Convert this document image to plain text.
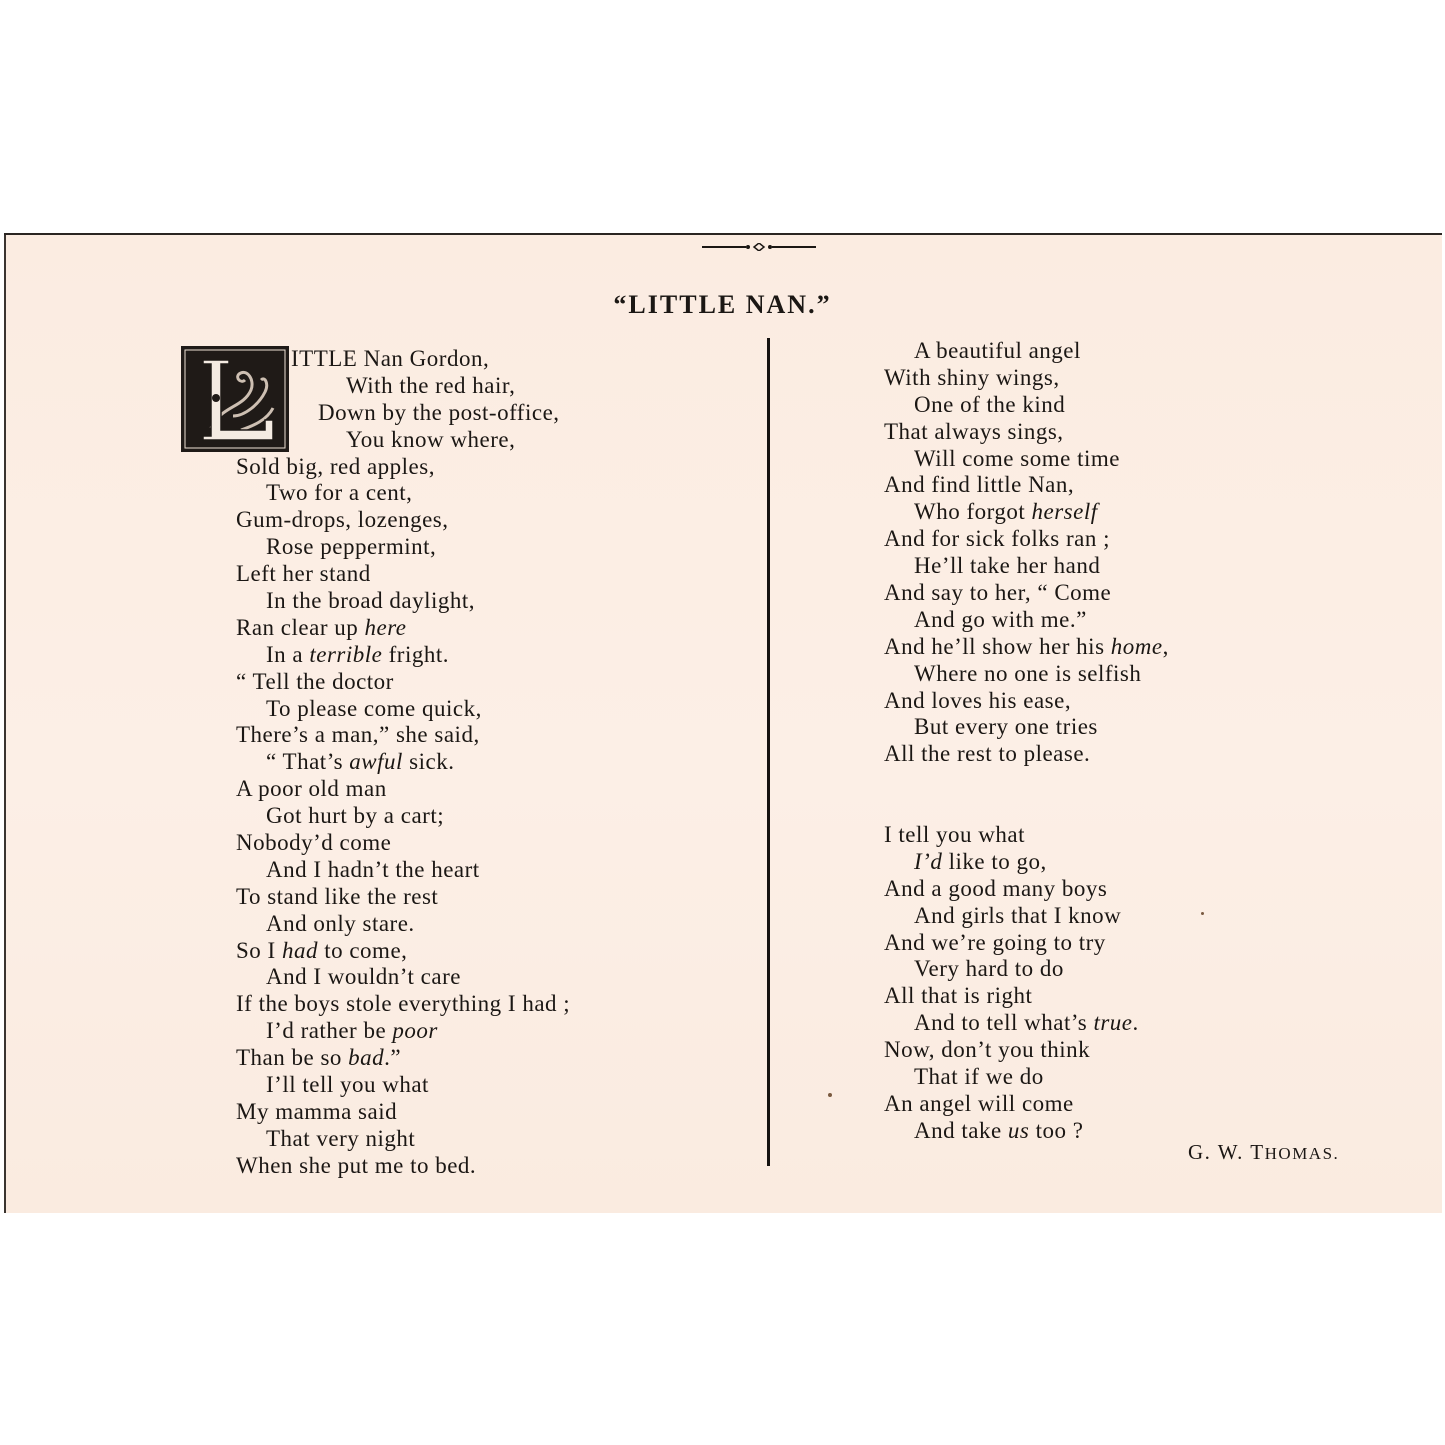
“LITTLE NAN.”
ITTLE Nan Gordon,
With the red hair,
Down by the post-office,
You know where,
Sold big, red apples,
Two for a cent,
Gum-drops, lozenges,
Rose peppermint,
Left her stand
In the broad daylight,
Ran clear up here
In a terrible fright.
“ Tell the doctor
To please come quick,
There’s a man,” she said,
“ That’s awful sick.
A poor old man
Got hurt by a cart;
Nobody’d come
And I hadn’t the heart
To stand like the rest
And only stare.
So I had to come,
And I wouldn’t care
If the boys stole everything I had ;
I’d rather be poor
Than be so bad.”
I’ll tell you what
My mamma said
That very night
When she put me to bed.
A beautiful angel
With shiny wings,
One of the kind
That always sings,
Will come some time
And find little Nan,
Who forgot herself
And for sick folks ran ;
He’ll take her hand
And say to her, “ Come
And go with me.”
And he’ll show her his home,
Where no one is selfish
And loves his ease,
But every one tries
All the rest to please.
I tell you what
I’d like to go,
And a good many boys
And girls that I know
And we’re going to try
Very hard to do
All that is right
And to tell what’s true.
Now, don’t you think
That if we do
An angel will come
And take us too ?
G. W. THOMAS.
